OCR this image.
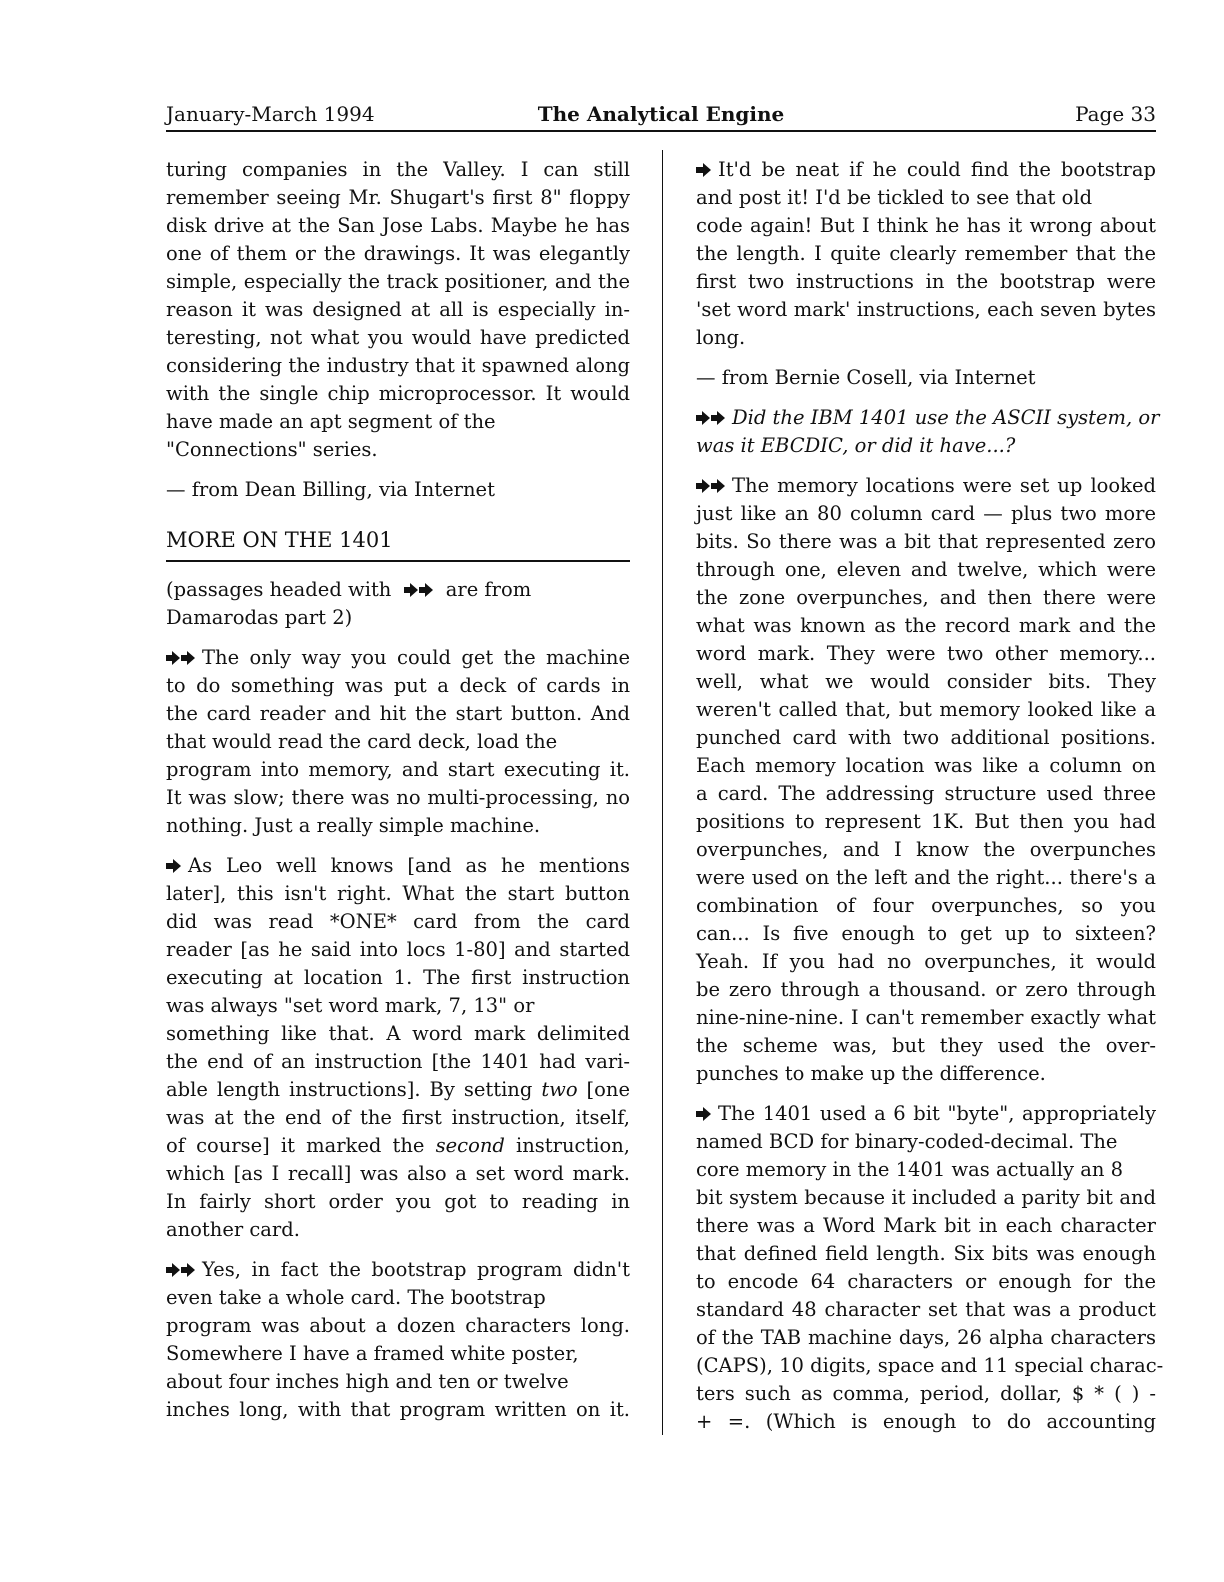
January-March 1994	The Analytical Engine	Page 33

turing companies in the Valley. I can still
remember seeing Mr. Shugart's first 8" floppy
disk drive at the San Jose Labs. Maybe he has
one of them or the drawings. It was elegantly
simple, especially the track positioner, and the
reason it was designed at all is especially in-
teresting, not what you would have predicted
considering the industry that it spawned along
with the single chip microprocessor. It would
have made an apt segment of the
"Connections" series.

— from Dean Billing, via Internet

MORE ON THE 1401

(passages headed with	are from
Damarodas part 2)

The only way you could get the machine
to do something was put a deck of cards in
the card reader and hit the start button. And
that would read the card deck, load the
program into memory, and start executing it.
It was slow; there was no multi-processing, no
nothing. Just a really simple machine.

As Leo well knows [and as he mentions
later], this isn't right. What the start button
did was read *ONE* card from the card
reader [as he said into locs 1-80] and started
executing at location 1. The first instruction
was always "set word mark, 7, 13" or
something like that. A word mark delimited
the end of an instruction [the 1401 had vari-
able length instructions]. By setting two [one
was at the end of the first instruction, itself,
of course] it marked the second instruction,
which [as I recall] was also a set word mark.
In fairly short order you got to reading in
another card.

Yes, in fact the bootstrap program didn't
even take a whole card. The bootstrap
program was about a dozen characters long.
Somewhere I have a framed white poster,
about four inches high and ten or twelve
inches long, with that program written on it.

It'd be neat if he could find the bootstrap
and post it! I'd be tickled to see that old
code again! But I think he has it wrong about
the length. I quite clearly remember that the
first two instructions in the bootstrap were
'set word mark' instructions, each seven bytes
long.

— from Bernie Cosell, via Internet

Did the IBM 1401 use the ASCII system, or
was it EBCDIC, or did it have...?

The memory locations were set up looked
just like an 80 column card — plus two more
bits. So there was a bit that represented zero
through one, eleven and twelve, which were
the zone overpunches, and then there were
what was known as the record mark and the
word mark. They were two other memory...
well, what we would consider bits. They
weren't called that, but memory looked like a
punched card with two additional positions.
Each memory location was like a column on
a card. The addressing structure used three
positions to represent 1K. But then you had
overpunches, and I know the overpunches
were used on the left and the right... there's a
combination of four overpunches, so you
can... Is five enough to get up to sixteen?
Yeah. If you had no overpunches, it would
be zero through a thousand. or zero through
nine-nine-nine. I can't remember exactly what
the scheme was, but they used the over-
punches to make up the difference.

The 1401 used a 6 bit "byte", appropriately
named BCD for binary-coded-decimal. The
core memory in the 1401 was actually an 8
bit system because it included a parity bit and
there was a Word Mark bit in each character
that defined field length. Six bits was enough
to encode 64 characters or enough for the
standard 48 character set that was a product
of the TAB machine days, 26 alpha characters
(CAPS), 10 digits, space and 11 special charac-
ters such as comma, period, dollar, $ * ( ) -
+ =. (Which is enough to do accounting
